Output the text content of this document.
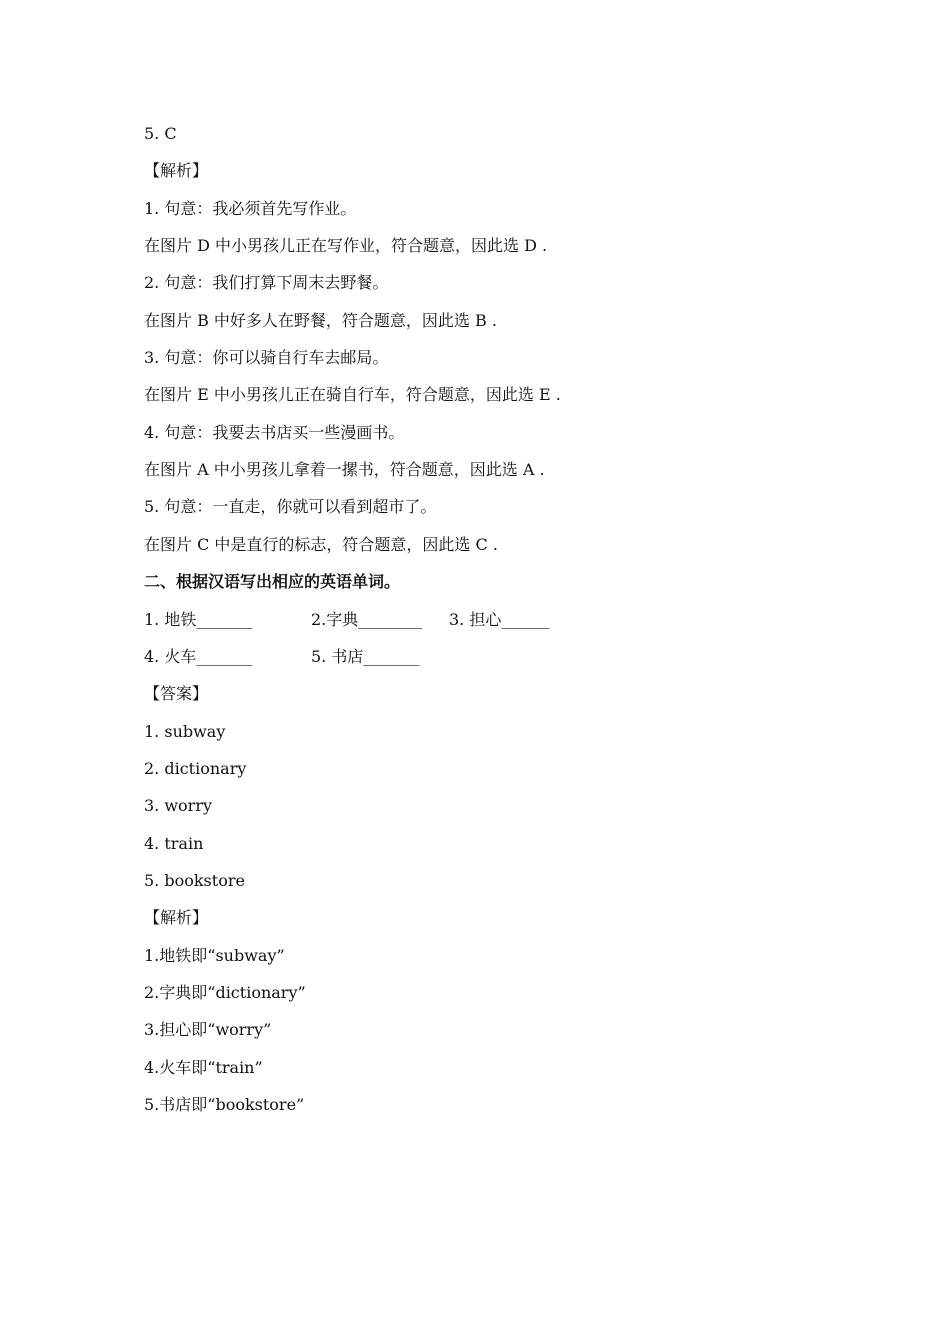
5. C
【解析】
1. 句意：我必须首先写作业。
在图片 D 中小男孩儿正在写作业，符合题意，因此选 D .
2. 句意：我们打算下周末去野餐。
在图片 B 中好多人在野餐，符合题意，因此选 B .
3. 句意：你可以骑自行车去邮局。
在图片 E 中小男孩儿正在骑自行车，符合题意，因此选 E .
4. 句意：我要去书店买一些漫画书。
在图片 A 中小男孩儿拿着一摞书，符合题意，因此选 A .
5. 句意：一直走，你就可以看到超市了。
在图片 C 中是直行的标志，符合题意，因此选 C .
二、根据汉语写出相应的英语单词。
1. 地铁_______	2.字典________ 3. 担心______
4. 火车_______	5. 书店_______
【答案】
1. subway
2. dictionary
3. worry
4. train
5. bookstore
【解析】
1.地铁即“subway”
2.字典即“dictionary”
3.担心即“worry”
4.火车即“train”
5.书店即“bookstore”
